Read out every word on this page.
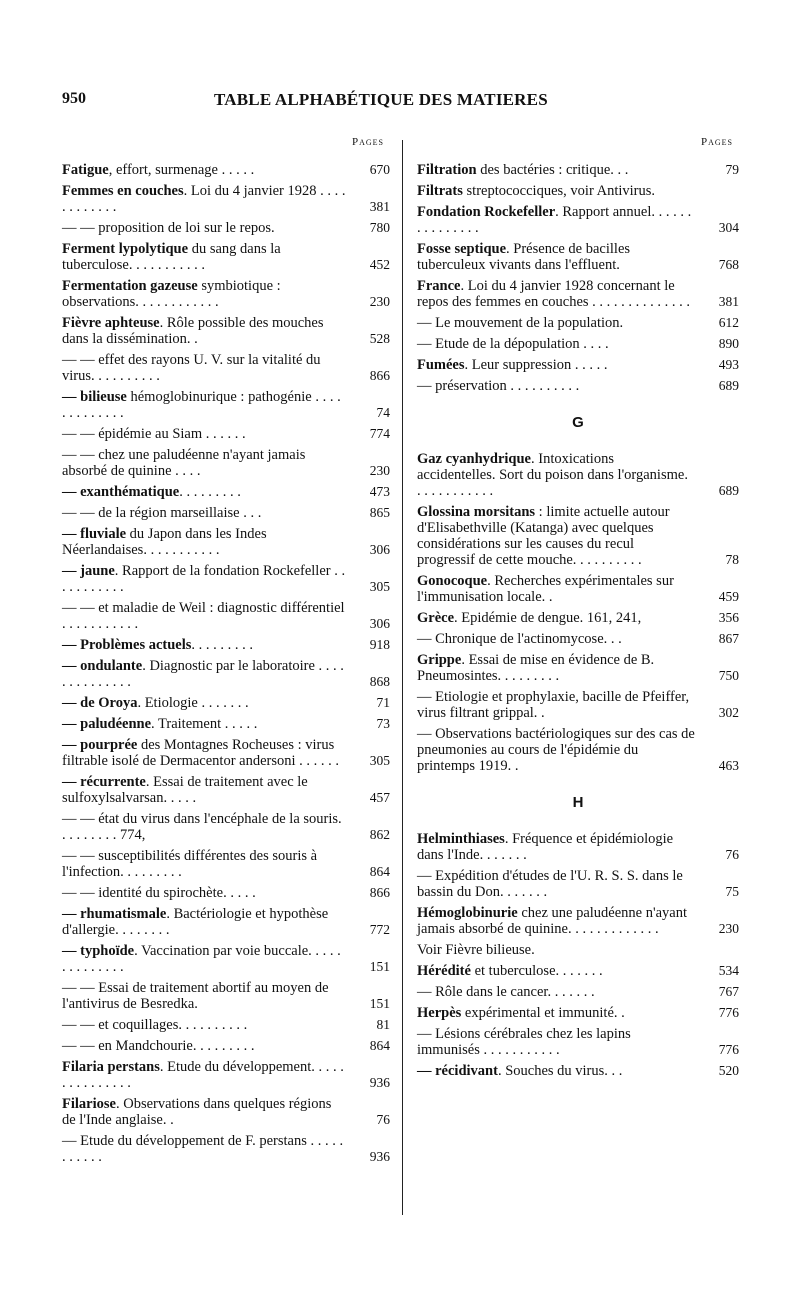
950	TABLE ALPHABÉTIQUE DES MATIERES
Pages
Fatigue, effort, surmenage . . . . .	670
Femmes en couches. Loi du 4 janvier 1928 . . . . . . . . . . . .	381
— — proposition de loi sur le repos.	780
Ferment lypolytique du sang dans la tuberculose. . . . . . . . . . .	452
Fermentation gazeuse symbiotique : observations. . . . . . . . . . . .	230
Fièvre aphteuse. Rôle possible des mouches dans la dissémination. .	528
— — effet des rayons U. V. sur la vitalité du virus. . . . . . . . . .	866
— bilieuse hémoglobinurique : pathogénie . . . . . . . . . . . . .	74
— — épidémie au Siam . . . . . .	774
— — chez une paludéenne n'ayant jamais absorbé de quinine . . . .	230
— exanthématique. . . . . . . . .	473
— — de la région marseillaise . . .	865
— fluviale du Japon dans les Indes Néerlandaises. . . . . . . . . . .	306
— jaune. Rapport de la fondation Rockefeller . . . . . . . . . . .	305
— — et maladie de Weil : diagnostic différentiel . . . . . . . . . . .	306
— Problèmes actuels. . . . . . . . .	918
— ondulante. Diagnostic par le laboratoire . . . . . . . . . . . . . .	868
— de Oroya. Etiologie . . . . . . .	71
— paludéenne. Traitement . . . . .	73
— pourprée des Montagnes Rocheuses : virus filtrable isolé de Dermacentor andersoni . . . . . .	305
— récurrente. Essai de traitement avec le sulfoxylsalvarsan. . . . .	457
— — état du virus dans l'encéphale de la souris. . . . . . . . . 774,	862
— — susceptibilités différentes des souris à l'infection. . . . . . . . .	864
— — identité du spirochète. . . . .	866
— rhumatismale. Bactériologie et hypothèse d'allergie. . . . . . . .	772
— typhoïde. Vaccination par voie buccale. . . . . . . . . . . . . .	151
— — Essai de traitement abortif au moyen de l'antivirus de Besredka.	151
— — et coquillages. . . . . . . . . .	81
— — en Mandchourie. . . . . . . . .	864
Filaria perstans. Etude du développement. . . . . . . . . . . . . . .	936
Filariose. Observations dans quelques régions de l'Inde anglaise. .	76
— Etude du développement de F. perstans . . . . . . . . . . .	936
Pages
Filtration des bactéries : critique. . .	79
Filtrats streptococciques, voir Antivirus.
Fondation Rockefeller. Rapport annuel. . . . . . . . . . . . . . .	304
Fosse septique. Présence de bacilles tuberculeux vivants dans l'effluent.	768
France. Loi du 4 janvier 1928 concernant le repos des femmes en couches . . . . . . . . . . . . . .	381
— Le mouvement de la population.	612
— Etude de la dépopulation . . . .	890
Fumées. Leur suppression . . . . .	493
— préservation . . . . . . . . . .	689
G
Gaz cyanhydrique. Intoxications accidentelles. Sort du poison dans l'organisme. . . . . . . . . . . .	689
Glossina morsitans : limite actuelle autour d'Elisabethville (Katanga) avec quelques considérations sur les causes du recul progressif de cette mouche. . . . . . . . . .	78
Gonocoque. Recherches expérimentales sur l'immunisation locale. .	459
Grèce. Epidémie de dengue. 161, 241,	356
— Chronique de l'actinomycose. . .	867
Grippe. Essai de mise en évidence de B. Pneumosintes. . . . . . . . .	750
— Etiologie et prophylaxie, bacille de Pfeiffer, virus filtrant grippal. .	302
— Observations bactériologiques sur des cas de pneumonies au cours de l'épidémie du printemps 1919. .	463
H
Helminthiases. Fréquence et épidémiologie dans l'Inde. . . . . . .	76
— Expédition d'études de l'U. R. S. S. dans le bassin du Don. . . . . . .	75
Hémoglobinurie chez une paludéenne n'ayant jamais absorbé de quinine. . . . . . . . . . . . .	230
Voir Fièvre bilieuse.
Hérédité et tuberculose. . . . . . .	534
— Rôle dans le cancer. . . . . . .	767
Herpès expérimental et immunité. .	776
— Lésions cérébrales chez les lapins immunisés . . . . . . . . . . .	776
— récidivant. Souches du virus. . .	520
